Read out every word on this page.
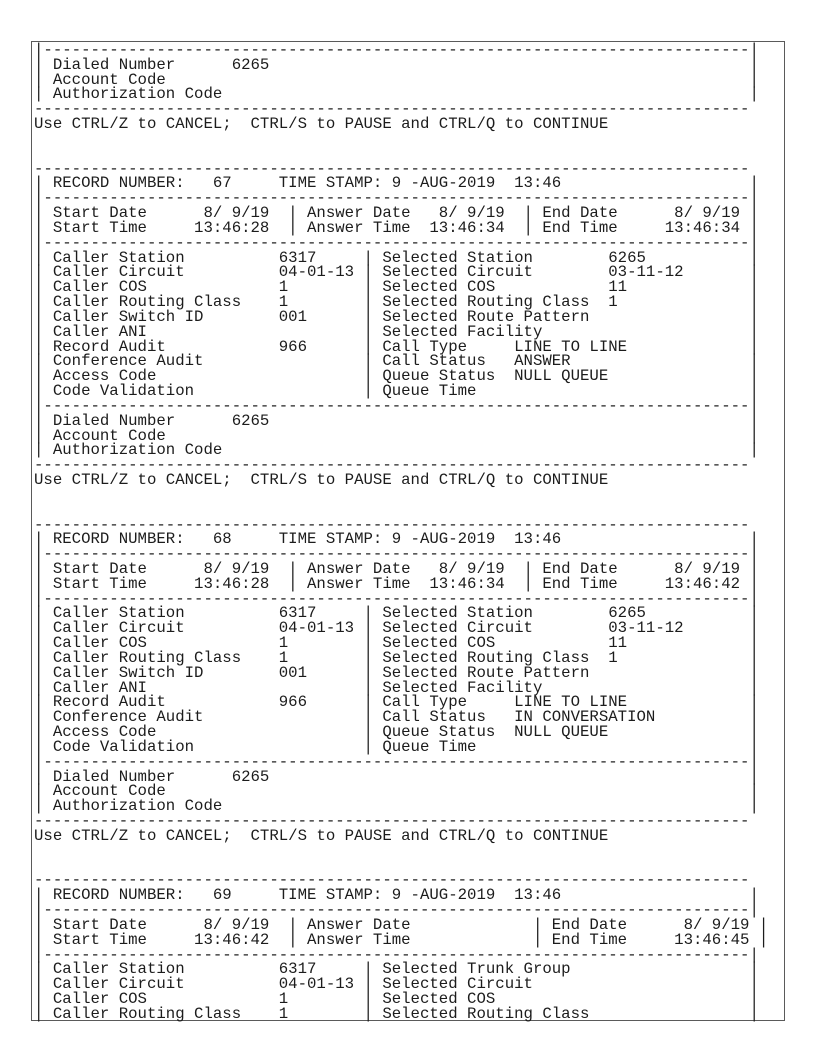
|---------------------------------------------------------------------------|
| Dialed Number      6265                                                   |
| Account Code                                                              |
| Authorization Code                                                        |
----------------------------------------------------------------------------
Use CTRL/Z to CANCEL;  CTRL/S to PAUSE and CTRL/Q to CONTINUE
----------------------------------------------------------------------------
| RECORD NUMBER:   67     TIME STAMP: 9 -AUG-2019  13:46                    |
|---------------------------------------------------------------------------|
| Start Date      8/ 9/19  | Answer Date   8/ 9/19  | End Date      8/ 9/19 |
| Start Time     13:46:28  | Answer Time  13:46:34  | End Time     13:46:34 |
|---------------------------------------------------------------------------|
| Caller Station          6317     | Selected Station        6265           |
| Caller Circuit          04-01-13 | Selected Circuit        03-11-12       |
| Caller COS              1        | Selected COS            11             |
| Caller Routing Class    1        | Selected Routing Class  1              |
| Caller Switch ID        001      | Selected Route Pattern                 |
| Caller ANI                       | Selected Facility                      |
| Record Audit            966      | Call Type     LINE TO LINE             |
| Conference Audit                 | Call Status   ANSWER                   |
| Access Code                      | Queue Status  NULL QUEUE               |
| Code Validation                  | Queue Time                             |
|---------------------------------------------------------------------------|
| Dialed Number      6265                                                   |
| Account Code                                                              |
| Authorization Code                                                        |
----------------------------------------------------------------------------
Use CTRL/Z to CANCEL;  CTRL/S to PAUSE and CTRL/Q to CONTINUE
----------------------------------------------------------------------------
| RECORD NUMBER:   68     TIME STAMP: 9 -AUG-2019  13:46                    |
|---------------------------------------------------------------------------|
| Start Date      8/ 9/19  | Answer Date   8/ 9/19  | End Date      8/ 9/19 |
| Start Time     13:46:28  | Answer Time  13:46:34  | End Time     13:46:42 |
|---------------------------------------------------------------------------|
| Caller Station          6317     | Selected Station        6265           |
| Caller Circuit          04-01-13 | Selected Circuit        03-11-12       |
| Caller COS              1        | Selected COS            11             |
| Caller Routing Class    1        | Selected Routing Class  1              |
| Caller Switch ID        001      | Selected Route Pattern                 |
| Caller ANI                       | Selected Facility                      |
| Record Audit            966      | Call Type     LINE TO LINE             |
| Conference Audit                 | Call Status   IN CONVERSATION          |
| Access Code                      | Queue Status  NULL QUEUE               |
| Code Validation                  | Queue Time                             |
|---------------------------------------------------------------------------|
| Dialed Number      6265                                                   |
| Account Code                                                              |
| Authorization Code                                                        |
----------------------------------------------------------------------------
Use CTRL/Z to CANCEL;  CTRL/S to PAUSE and CTRL/Q to CONTINUE
----------------------------------------------------------------------------
| RECORD NUMBER:   69     TIME STAMP: 9 -AUG-2019  13:46                    |
|---------------------------------------------------------------------------|
| Start Date      8/ 9/19  | Answer Date             | End Date      8/ 9/19 |
| Start Time     13:46:42  | Answer Time             | End Time     13:46:45 |
|---------------------------------------------------------------------------|
| Caller Station          6317     | Selected Trunk Group                   |
| Caller Circuit          04-01-13 | Selected Circuit                       |
| Caller COS              1        | Selected COS                           |
| Caller Routing Class    1        | Selected Routing Class                 |
